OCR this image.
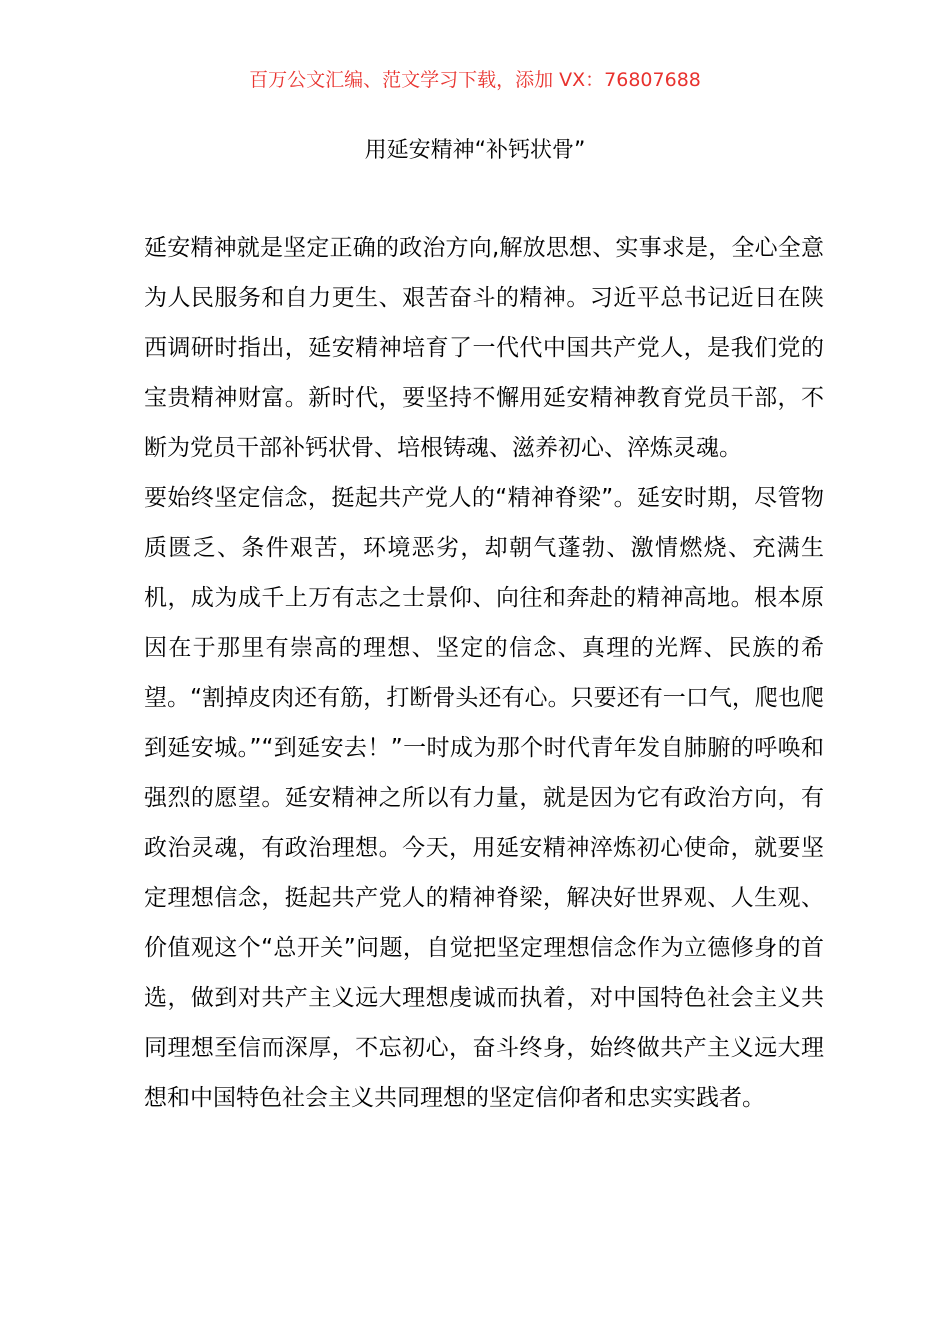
百万公文汇编、范文学习下载，添加 VX：76807688
用延安精神“补钙状骨”

延安精神就是坚定正确的政治方向,解放思想、实事求是，全心全意为人民服务和自力更生、艰苦奋斗的精神。习近平总书记近日在陕西调研时指出，延安精神培育了一代代中国共产党人，是我们党的宝贵精神财富。新时代，要坚持不懈用延安精神教育党员干部，不断为党员干部补钙状骨、培根铸魂、滋养初心、淬炼灵魂。

要始终坚定信念，挺起共产党人的“精神脊梁”。延安时期，尽管物质匮乏、条件艰苦，环境恶劣，却朝气蓬勃、激情燃烧、充满生机，成为成千上万有志之士景仰、向往和奔赴的精神高地。根本原因在于那里有崇高的理想、坚定的信念、真理的光辉、民族的希望。“割掉皮肉还有筋，打断骨头还有心。只要还有一口气，爬也爬到延安城。”“到延安去！”一时成为那个时代青年发自肺腑的呼唤和强烈的愿望。延安精神之所以有力量，就是因为它有政治方向，有政治灵魂，有政治理想。今天，用延安精神淬炼初心使命，就要坚定理想信念，挺起共产党人的精神脊梁，解决好世界观、人生观、价值观这个“总开关”问题，自觉把坚定理想信念作为立德修身的首选，做到对共产主义远大理想虔诚而执着，对中国特色社会主义共同理想至信而深厚，不忘初心，奋斗终身，始终做共产主义远大理想和中国特色社会主义共同理想的坚定信仰者和忠实实践者。
